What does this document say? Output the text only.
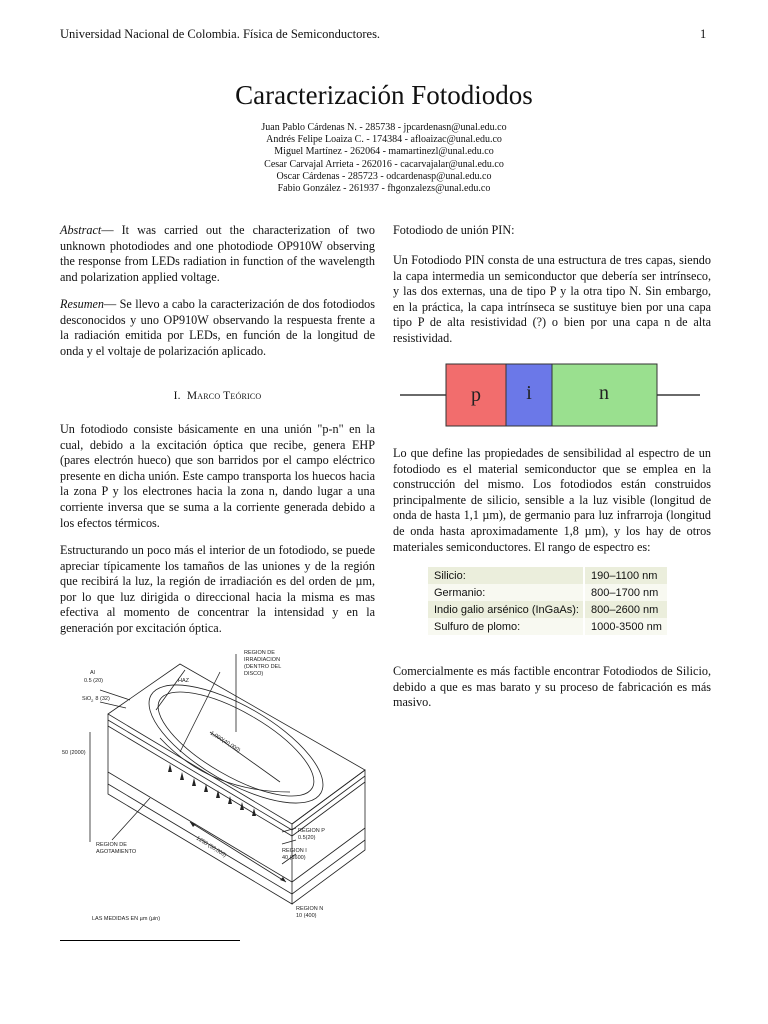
Universidad Nacional de Colombia. Física de Semiconductores.	1
Caracterización Fotodiodos
Juan Pablo Cárdenas N. - 285738 - jpcardenasn@unal.edu.co
Andrés Felipe Loaiza C. - 174384 - afloaizac@unal.edu.co
Miguel Martínez - 262064 - mamartinezl@unal.edu.co
Cesar Carvajal Arrieta - 262016 - cacarvajalar@unal.edu.co
Oscar Cárdenas - 285723 - odcardenasp@unal.edu.co
Fabio González - 261937 - fhgonzalezs@unal.edu.co

Abstract— It was carried out the characterization of two unknown photodiodes and one photodiode OP910W observing the response from LEDs radiation in function of the wavelength and polarization applied voltage.

Resumen— Se llevo a cabo la caracterización de dos fotodiodos desconocidos y uno OP910W observando la respuesta frente a la radiación emitida por LEDs, en función de la longitud de onda y el voltaje de polarización aplicado.

I. Marco Teórico

Un fotodiodo consiste básicamente en una unión "p-n" en la cual, debido a la excitación óptica que recibe, genera EHP (pares electrón hueco) que son barridos por el campo eléctrico presente en dicha unión. Este campo transporta los huecos hacia la zona P y los electrones hacia la zona n, dando lugar a una corriente inversa que se suma a la corriente generada debido a los efectos térmicos.

Estructurando un poco más el interior de un fotodiodo, se puede apreciar típicamente los tamaños de las uniones y de la región que recibirá la luz, la región de irradiación es del orden de µm, por lo que luz dirigida o direccional hacia la misma es mas efectiva al momento de concentrar la intensidad y en la generación por excitación óptica.

Al
0.5 (20)
SiO$_2$ 8 (32)
HAZ
REGION DE
IRRADIACION
(DENTRO DEL
DISCO)
1,000(40,000)
50 (2000)
1250 (50,000)
REGION DE
AGOTAMIENTO
REGION P
0.5(20)
REGION I
40 (1600)
REGION N
10 (400)
LAS MEDIDAS EN µm (µin)

Fotodiodo de unión PIN:

Un Fotodiodo PIN consta de una estructura de tres capas, siendo la capa intermedia un semiconductor que debería ser intrínseco, y las dos externas, una de tipo P y la otra tipo N. Sin embargo, en la práctica, la capa intrínseca se sustituye bien por una capa tipo P de alta resistividad (?) o bien por una capa n de alta resistividad.

p i	n

Lo que define las propiedades de sensibilidad al espectro de un fotodiodo es el material semiconductor que se emplea en la construcción del mismo. Los fotodiodos están construidos principalmente de silicio, sensible a la luz visible (longitud de onda de hasta 1,1 µm), de germanio para luz infrarroja (longitud de onda hasta aproximadamente 1,8 µm), y los hay de otros materiales semiconductores. El rango de espectro es:

Silicio:	190–1100 nm
Germanio:	800–1700 nm
Indio galio arsénico (InGaAs):	800–2600 nm
Sulfuro de plomo:	1000-3500 nm

Comercialmente es más factible encontrar Fotodiodos de Silicio, debido a que es mas barato y su proceso de fabricación es más masivo.
